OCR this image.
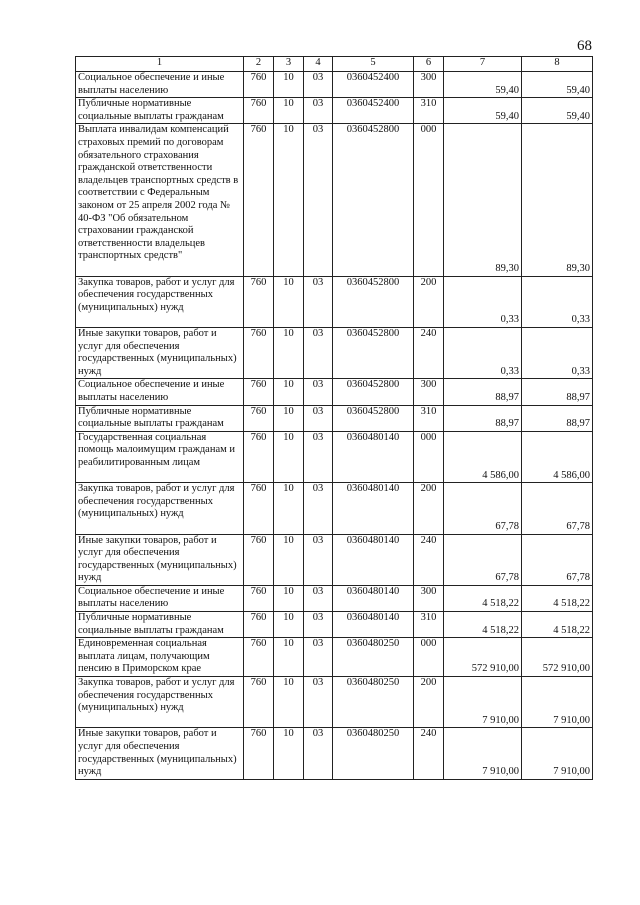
68
1	2	3	4	5	6	7	8
Социальное обеспечение и иные выплаты населению	760	10	03	0360452400	300	59,40	59,40
Публичные нормативные социальные выплаты гражданам	760	10	03	0360452400	310	59,40	59,40
Выплата инвалидам компенсаций страховых премий по договорам обязательного страхования гражданской ответственности владельцев транспортных средств в соответствии с Федеральным законом от 25 апреля 2002 года № 40-ФЗ "Об обязательном страховании гражданской ответственности владельцев транспортных средств"	760	10	03	0360452800	000	89,30	89,30
Закупка товаров, работ и услуг для обеспечения государственных (муниципальных) нужд	760	10	03	0360452800	200	0,33	0,33
Иные закупки товаров, работ и услуг для обеспечения государственных (муниципальных) нужд	760	10	03	0360452800	240	0,33	0,33
Социальное обеспечение и иные выплаты населению	760	10	03	0360452800	300	88,97	88,97
Публичные нормативные социальные выплаты гражданам	760	10	03	0360452800	310	88,97	88,97
Государственная социальная помощь малоимущим гражданам и реабилитированным лицам	760	10	03	0360480140	000	4 586,00	4 586,00
Закупка товаров, работ и услуг для обеспечения государственных (муниципальных) нужд	760	10	03	0360480140	200	67,78	67,78
Иные закупки товаров, работ и услуг для обеспечения государственных (муниципальных) нужд	760	10	03	0360480140	240	67,78	67,78
Социальное обеспечение и иные выплаты населению	760	10	03	0360480140	300	4 518,22	4 518,22
Публичные нормативные социальные выплаты гражданам	760	10	03	0360480140	310	4 518,22	4 518,22
Единовременная социальная выплата лицам, получающим пенсию в Приморском крае	760	10	03	0360480250	000	572 910,00	572 910,00
Закупка товаров, работ и услуг для обеспечения государственных (муниципальных) нужд	760	10	03	0360480250	200	7 910,00	7 910,00
Иные закупки товаров, работ и услуг для обеспечения государственных (муниципальных) нужд	760	10	03	0360480250	240	7 910,00	7 910,00
